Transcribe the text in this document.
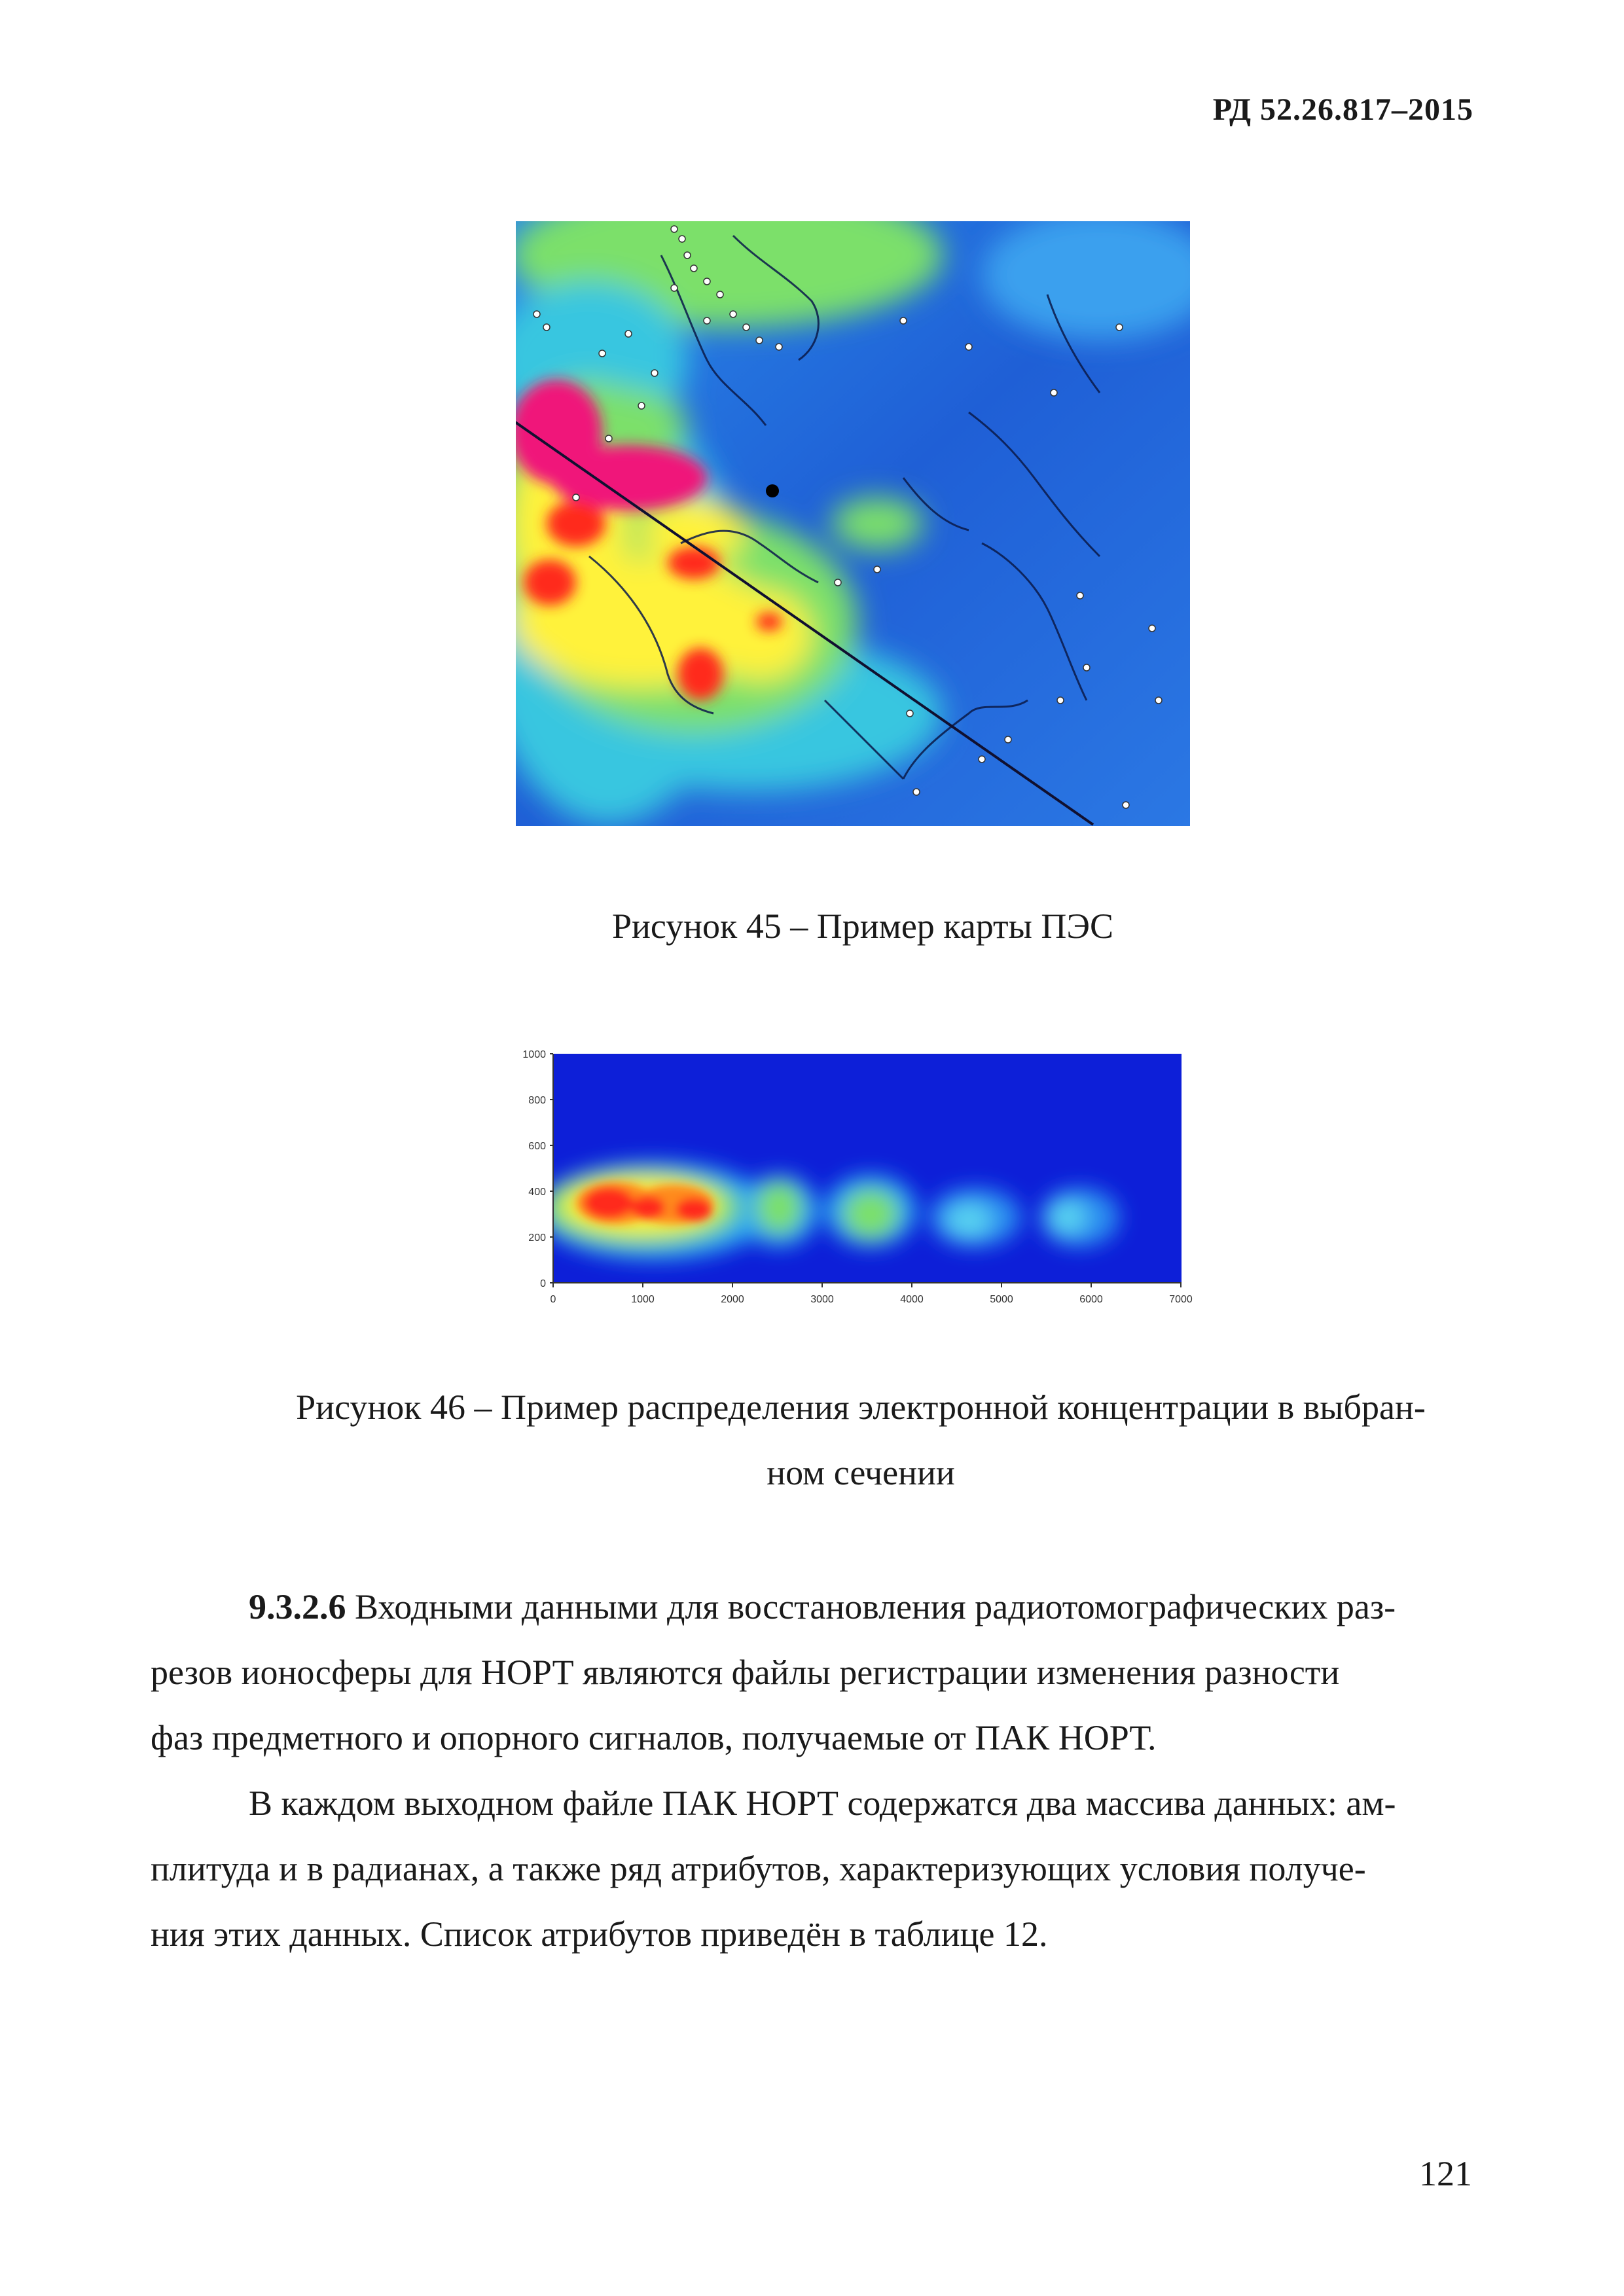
РД 52.26.817–2015
Рисунок 45 – Пример карты ПЭС
1000
800
600
400
200
0
0	1000	2000	3000	4000	5000	6000	7000
Рисунок 46 – Пример распределения электронной концентрации в выбран-
ном сечении
9.3.2.6 Входными данными для восстановления радиотомографических раз-
резов ионосферы для НОРТ являются файлы регистрации изменения разности
фаз предметного и опорного сигналов, получаемые от ПАК НОРТ.
В каждом выходном файле ПАК НОРТ содержатся два массива данных: ам-
плитуда и в радианах, а также ряд атрибутов, характеризующих условия получе-
ния этих данных. Список атрибутов приведён в таблице 12.
121
